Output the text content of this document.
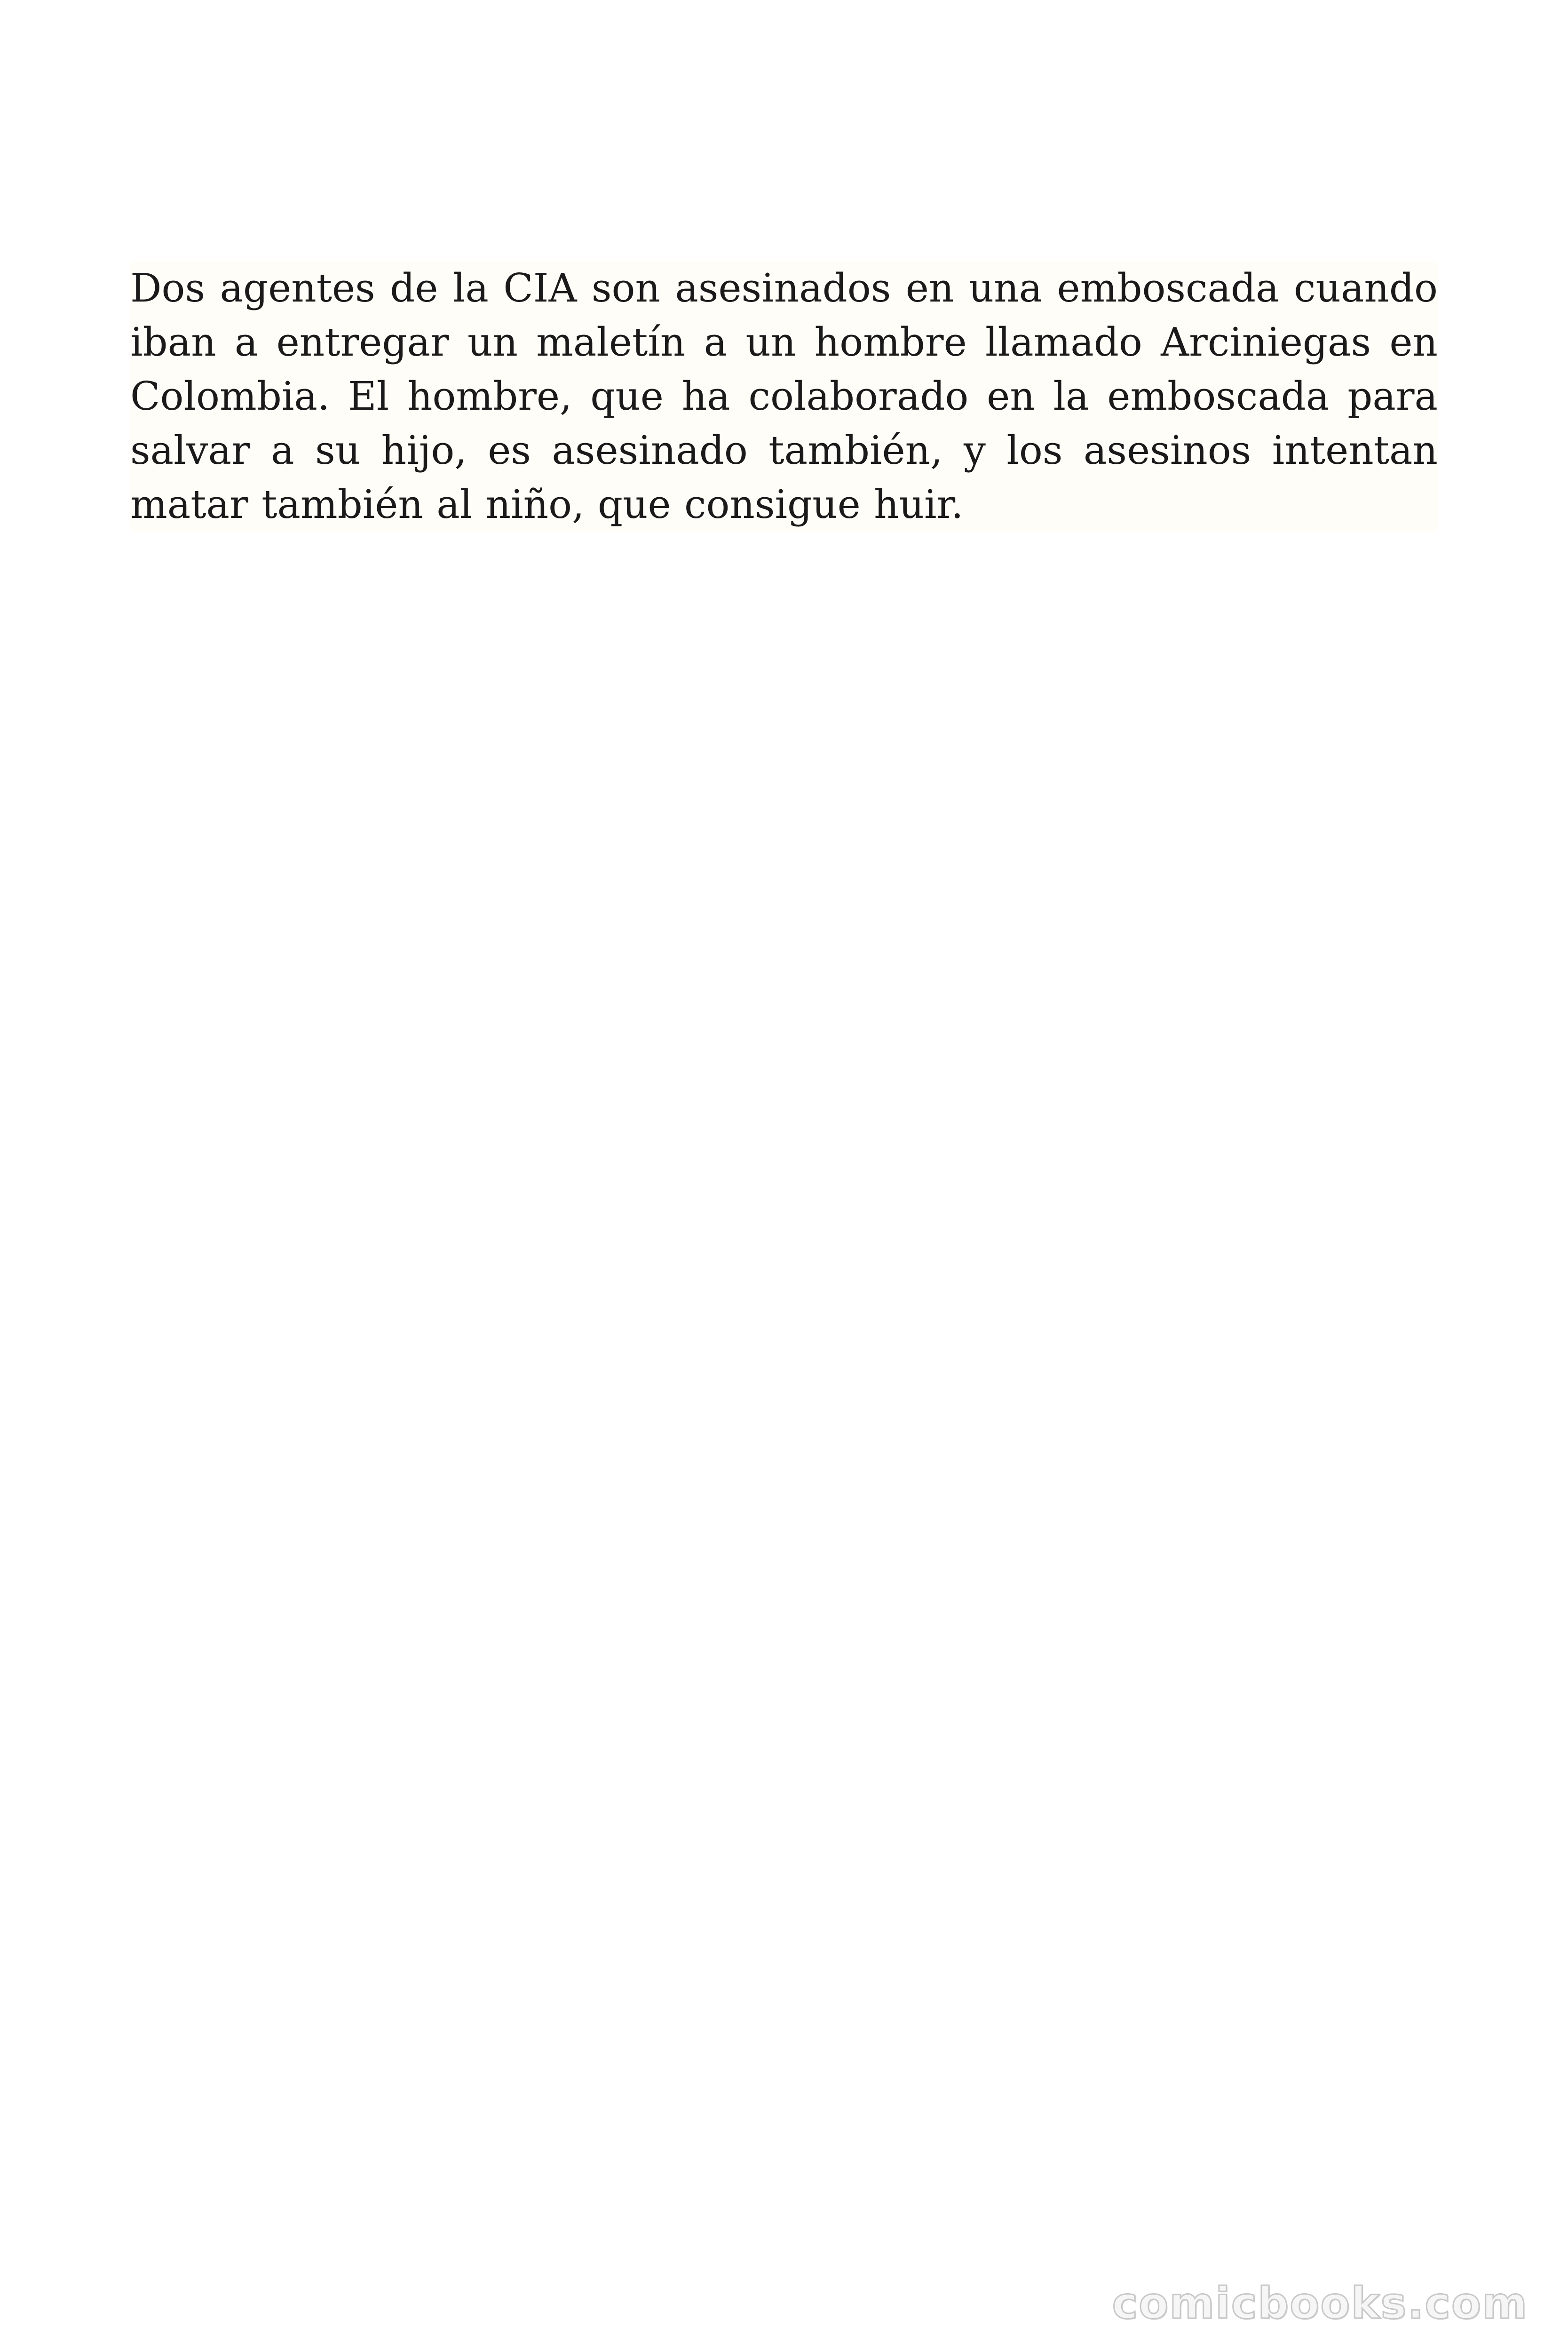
Dos agentes de la CIA son asesinados en una emboscada cuando iban a entregar un maletín a un hombre llamado Arciniegas en Colombia. El hombre, que ha colaborado en la emboscada para salvar a su hijo, es asesinado también, y los asesinos intentan matar también al niño, que consigue huir.

comicbooks.com
